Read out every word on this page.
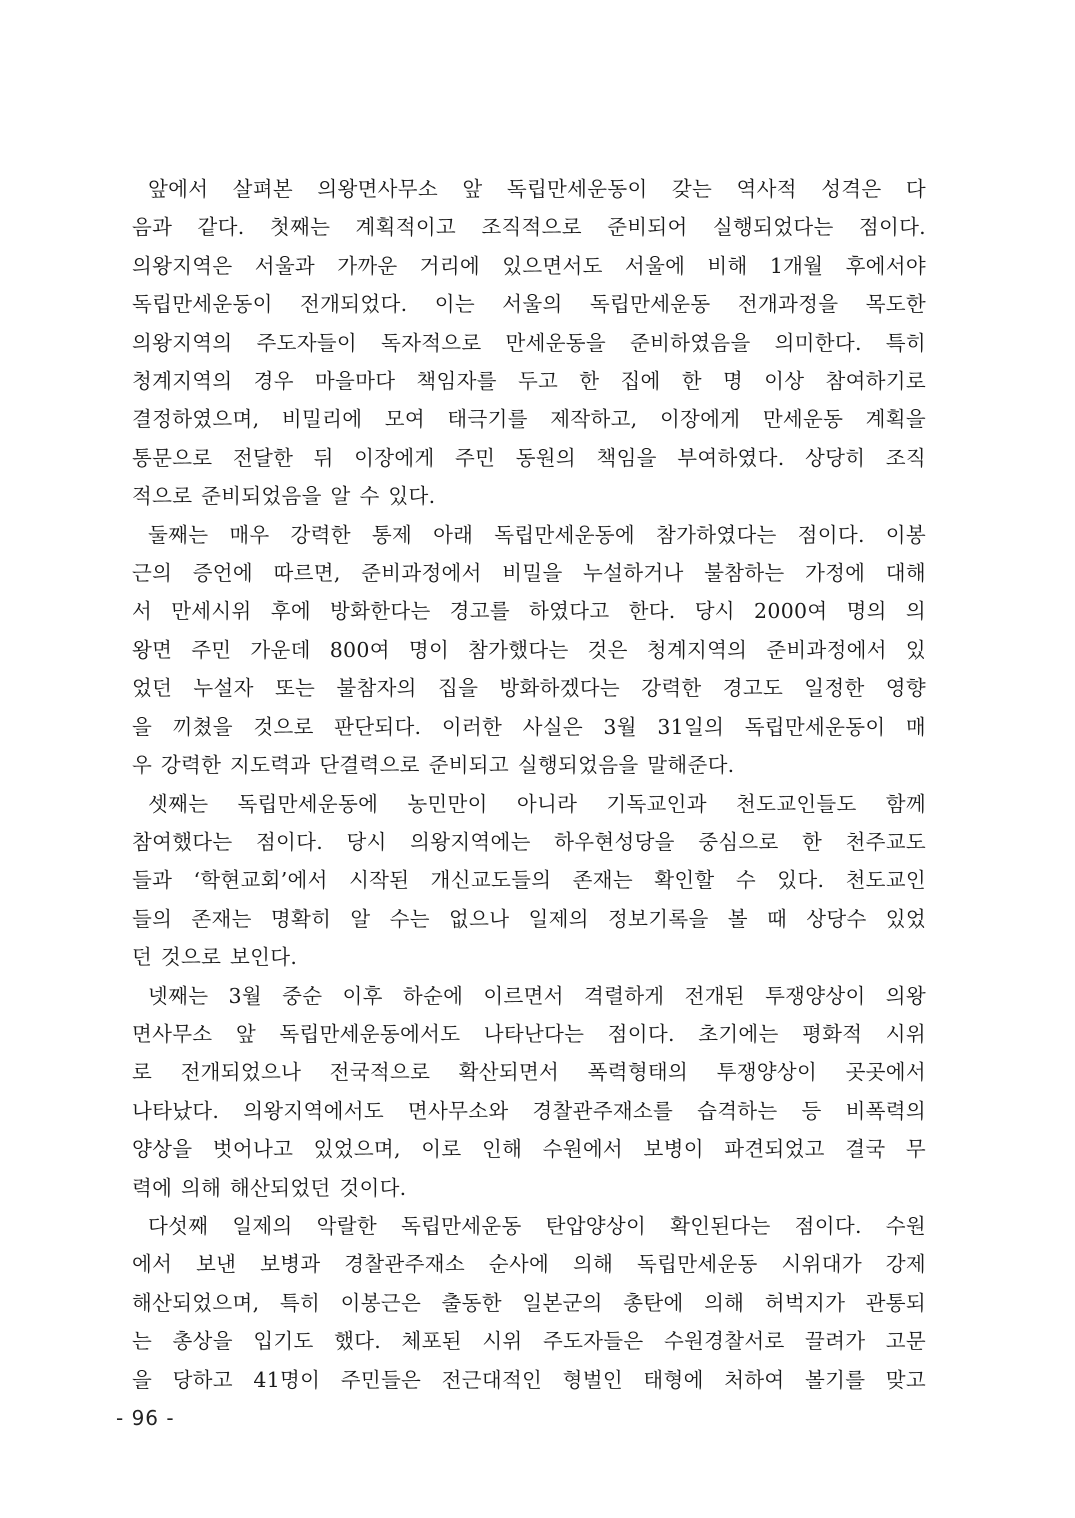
앞에서 살펴본 의왕면사무소 앞 독립만세운동이 갖는 역사적 성격은 다
음과 같다. 첫째는 계획적이고 조직적으로 준비되어 실행되었다는 점이다.
의왕지역은 서울과 가까운 거리에 있으면서도 서울에 비해 1개월 후에서야
독립만세운동이 전개되었다. 이는 서울의 독립만세운동 전개과정을 목도한
의왕지역의 주도자들이 독자적으로 만세운동을 준비하였음을 의미한다. 특히
청계지역의 경우 마을마다 책임자를 두고 한 집에 한 명 이상 참여하기로
결정하였으며, 비밀리에 모여 태극기를 제작하고, 이장에게 만세운동 계획을
통문으로 전달한 뒤 이장에게 주민 동원의 책임을 부여하였다. 상당히 조직
적으로 준비되었음을 알 수 있다.
둘째는 매우 강력한 통제 아래 독립만세운동에 참가하였다는 점이다. 이봉
근의 증언에 따르면, 준비과정에서 비밀을 누설하거나 불참하는 가정에 대해
서 만세시위 후에 방화한다는 경고를 하였다고 한다. 당시 2000여 명의 의
왕면 주민 가운데 800여 명이 참가했다는 것은 청계지역의 준비과정에서 있
었던 누설자 또는 불참자의 집을 방화하겠다는 강력한 경고도 일정한 영향
을 끼쳤을 것으로 판단되다. 이러한 사실은 3월 31일의 독립만세운동이 매
우 강력한 지도력과 단결력으로 준비되고 실행되었음을 말해준다.
셋째는 독립만세운동에 농민만이 아니라 기독교인과 천도교인들도 함께
참여했다는 점이다. 당시 의왕지역에는 하우현성당을 중심으로 한 천주교도
들과 ‘학현교회’에서 시작된 개신교도들의 존재는 확인할 수 있다. 천도교인
들의 존재는 명확히 알 수는 없으나 일제의 정보기록을 볼 때 상당수 있었
던 것으로 보인다.
넷째는 3월 중순 이후 하순에 이르면서 격렬하게 전개된 투쟁양상이 의왕
면사무소 앞 독립만세운동에서도 나타난다는 점이다. 초기에는 평화적 시위
로 전개되었으나 전국적으로 확산되면서 폭력형태의 투쟁양상이 곳곳에서
나타났다. 의왕지역에서도 면사무소와 경찰관주재소를 습격하는 등 비폭력의
양상을 벗어나고 있었으며, 이로 인해 수원에서 보병이 파견되었고 결국 무
력에 의해 해산되었던 것이다.
다섯째 일제의 악랄한 독립만세운동 탄압양상이 확인된다는 점이다. 수원
에서 보낸 보병과 경찰관주재소 순사에 의해 독립만세운동 시위대가 강제
해산되었으며, 특히 이봉근은 출동한 일본군의 총탄에 의해 허벅지가 관통되
는 총상을 입기도 했다. 체포된 시위 주도자들은 수원경찰서로 끌려가 고문
을 당하고 41명이 주민들은 전근대적인 형벌인 태형에 처하여 볼기를 맞고
- 96 -
